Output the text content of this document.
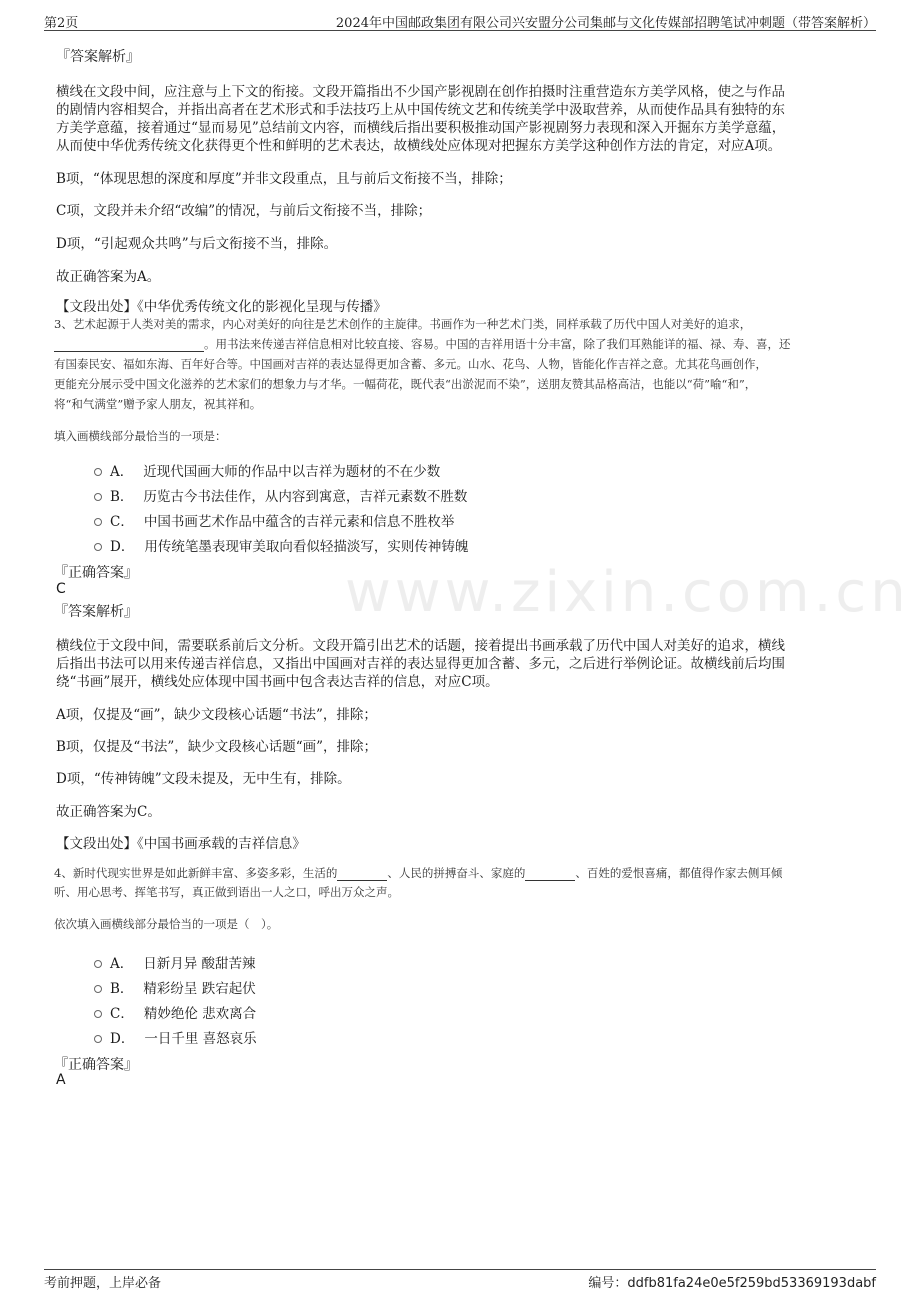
第2页	2024年中国邮政集团有限公司兴安盟分公司集邮与文化传媒部招聘笔试冲刺题（带答案解析）
www.zixin.com.cn
『答案解析』
横线在文段中间，应注意与上下文的衔接。文段开篇指出不少国产影视剧在创作拍摄时注重营造东方美学风格，使之与作品
的剧情内容相契合，并指出高者在艺术形式和手法技巧上从中国传统文艺和传统美学中汲取营养，从而使作品具有独特的东
方美学意蕴，接着通过“显而易见”总结前文内容，而横线后指出要积极推动国产影视剧努力表现和深入开掘东方美学意蕴，
从而使中华优秀传统文化获得更个性和鲜明的艺术表达，故横线处应体现对把握东方美学这种创作方法的肯定，对应A项。
B项，“体现思想的深度和厚度”并非文段重点，且与前后文衔接不当，排除；
C项，文段并未介绍“改编”的情况，与前后文衔接不当，排除；
D项，“引起观众共鸣”与后文衔接不当，排除。
故正确答案为A。
【文段出处】《中华优秀传统文化的影视化呈现与传播》
3、艺术起源于人类对美的需求，内心对美好的向往是艺术创作的主旋律。书画作为一种艺术门类，同样承载了历代中国人对美好的追求，
。用书法来传递吉祥信息相对比较直接、容易。中国的吉祥用语十分丰富，除了我们耳熟能详的福、禄、寿、喜，还
有国泰民安、福如东海、百年好合等。中国画对吉祥的表达显得更加含蓄、多元。山水、花鸟、人物，皆能化作吉祥之意。尤其花鸟画创作，
更能充分展示受中国文化滋养的艺术家们的想象力与才华。一幅荷花，既代表“出淤泥而不染”，送朋友赞其品格高洁，也能以“荷”喻“和”，
将“和气满堂”赠予家人朋友，祝其祥和。
填入画横线部分最恰当的一项是：
A． 近现代国画大师的作品中以吉祥为题材的不在少数
B． 历览古今书法佳作，从内容到寓意，吉祥元素数不胜数
C． 中国书画艺术作品中蕴含的吉祥元素和信息不胜枚举
D． 用传统笔墨表现审美取向看似轻描淡写，实则传神铸魄
『正确答案』
C
『答案解析』
横线位于文段中间，需要联系前后文分析。文段开篇引出艺术的话题，接着提出书画承载了历代中国人对美好的追求，横线
后指出书法可以用来传递吉祥信息，又指出中国画对吉祥的表达显得更加含蓄、多元，之后进行举例论证。故横线前后均围
绕“书画”展开，横线处应体现中国书画中包含表达吉祥的信息，对应C项。
A项，仅提及“画”，缺少文段核心话题“书法”，排除；
B项，仅提及“书法”，缺少文段核心话题“画”，排除；
D项，“传神铸魄”文段未提及，无中生有，排除。
故正确答案为C。
【文段出处】《中国书画承载的吉祥信息》
4、新时代现实世界是如此新鲜丰富、多姿多彩，生活的	、人民的拼搏奋斗、家庭的	、百姓的爱恨喜痛，都值得作家去侧耳倾
听、用心思考、挥笔书写，真正做到语出一人之口，呼出万众之声。
依次填入画横线部分最恰当的一项是（　）。
A． 日新月异 酸甜苦辣
B． 精彩纷呈 跌宕起伏
C． 精妙绝伦 悲欢离合
D． 一日千里 喜怒哀乐
『正确答案』
A
考前押题，上岸必备	编号：ddfb81fa24e0e5f259bd53369193dabf
